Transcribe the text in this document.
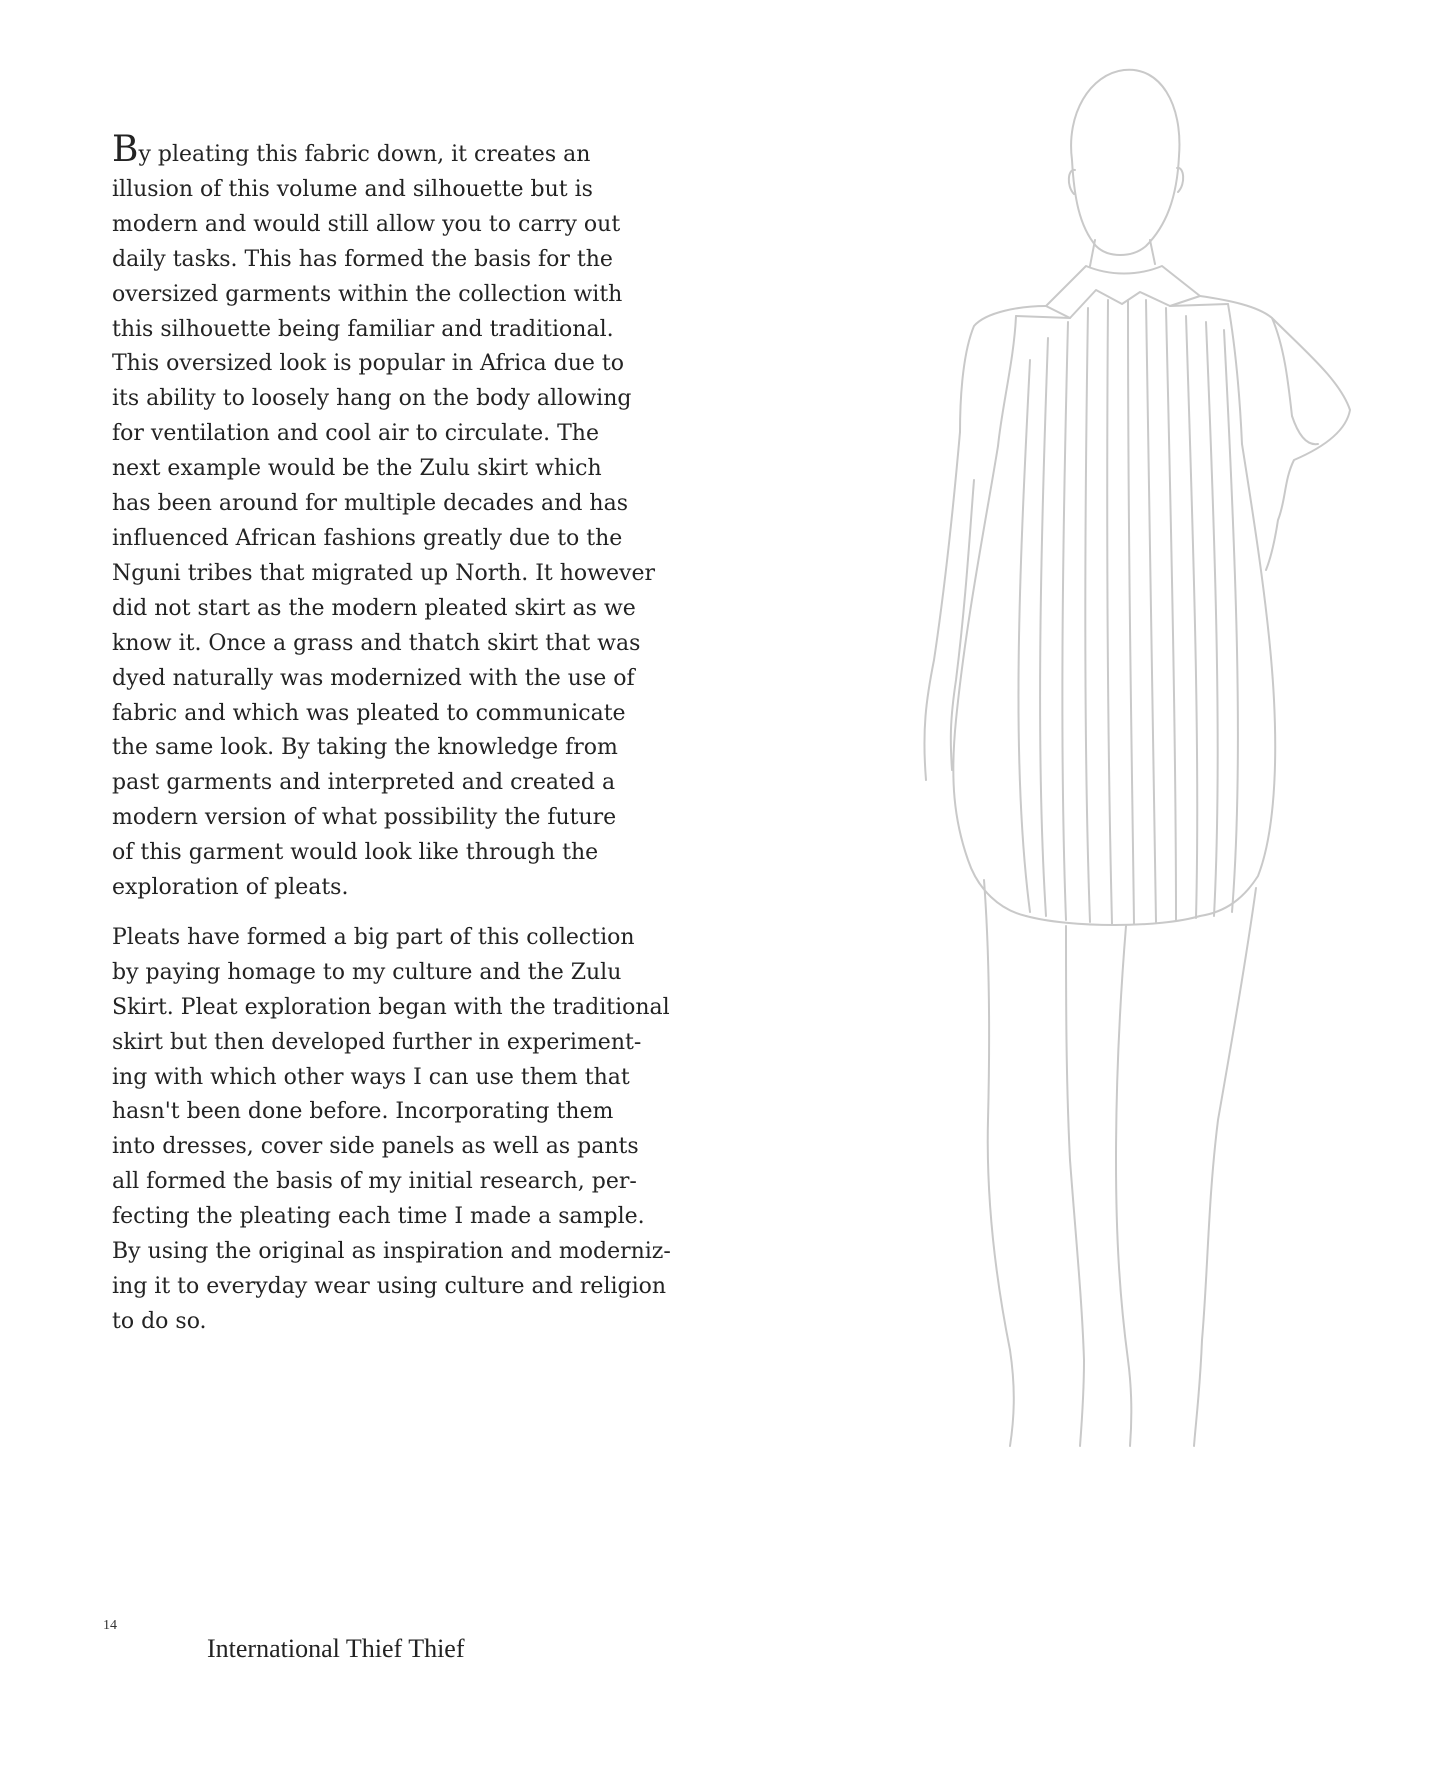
By pleating this fabric down, it creates an
illusion of this volume and silhouette but is
modern and would still allow you to carry out
daily tasks. This has formed the basis for the
oversized garments within the collection with
this silhouette being familiar and traditional.
This oversized look is popular in Africa due to
its ability to loosely hang on the body allowing
for ventilation and cool air to circulate. The
next example would be the Zulu skirt which
has been around for multiple decades and has
influenced African fashions greatly due to the
Nguni tribes that migrated up North. It however
did not start as the modern pleated skirt as we
know it. Once a grass and thatch skirt that was
dyed naturally was modernized with the use of
fabric and which was pleated to communicate
the same look. By taking the knowledge from
past garments and interpreted and created a
modern version of what possibility the future
of this garment would look like through the
exploration of pleats.

Pleats have formed a big part of this collection
by paying homage to my culture and the Zulu
Skirt. Pleat exploration began with the traditional
skirt but then developed further in experiment-
ing with which other ways I can use them that
hasn't been done before. Incorporating them
into dresses, cover side panels as well as pants
all formed the basis of my initial research, per-
fecting the pleating each time I made a sample.
By using the original as inspiration and moderniz-
ing it to everyday wear using culture and religion
to do so.

14
International Thief Thief
